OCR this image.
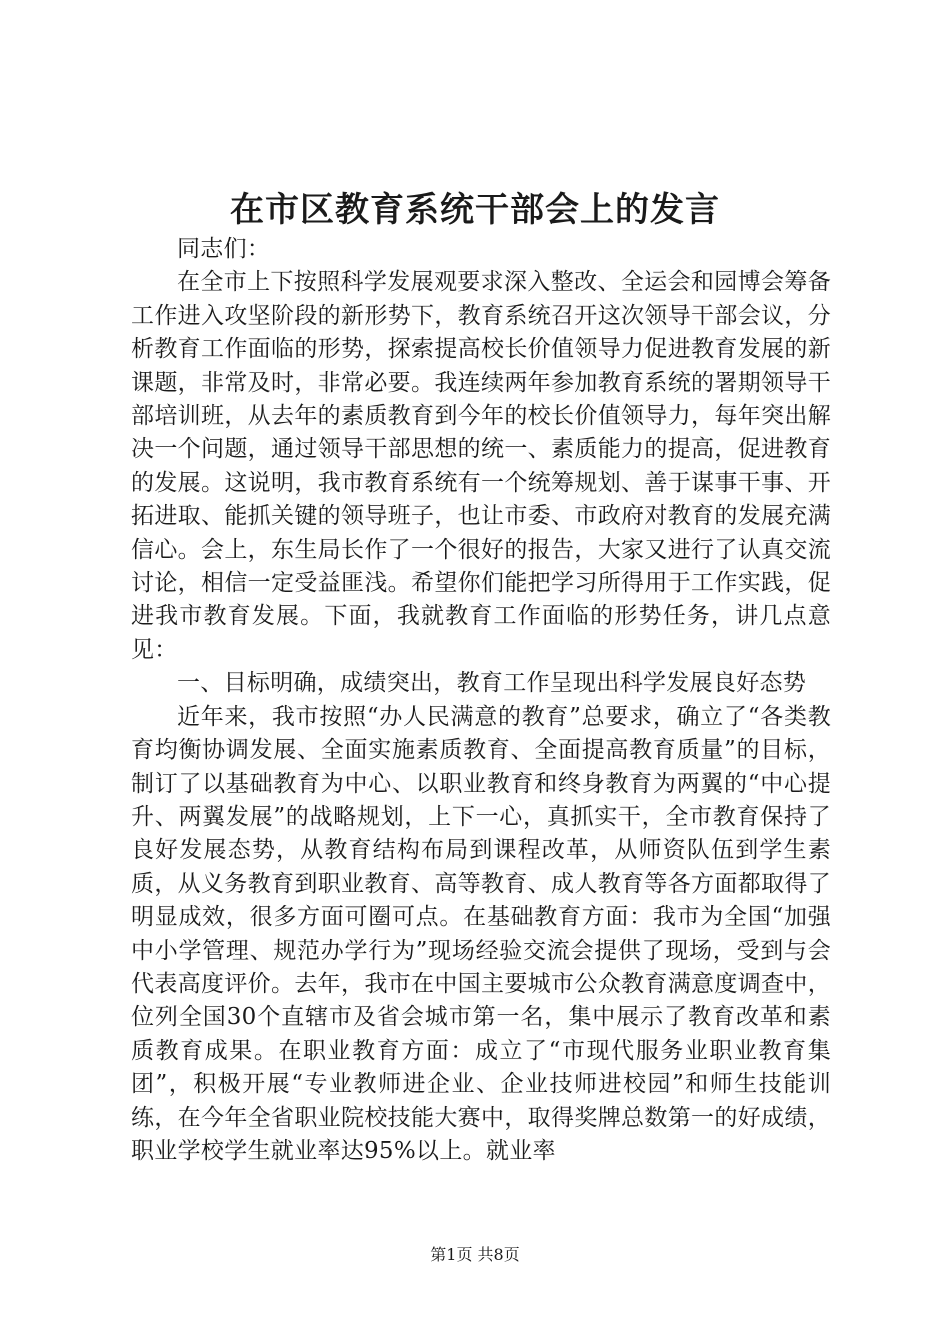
在市区教育系统干部会上的发言

同志们：

在全市上下按照科学发展观要求深入整改、全运会和园博会筹备工作进入攻坚阶段的新形势下，教育系统召开这次领导干部会议，分析教育工作面临的形势，探索提高校长价值领导力促进教育发展的新课题，非常及时，非常必要。我连续两年参加教育系统的署期领导干部培训班，从去年的素质教育到今年的校长价值领导力，每年突出解决一个问题，通过领导干部思想的统一、素质能力的提高，促进教育的发展。这说明，我市教育系统有一个统筹规划、善于谋事干事、开拓进取、能抓关键的领导班子，也让市委、市政府对教育的发展充满信心。会上，东生局长作了一个很好的报告，大家又进行了认真交流讨论，相信一定受益匪浅。希望你们能把学习所得用于工作实践，促进我市教育发展。下面，我就教育工作面临的形势任务，讲几点意见：

一、目标明确，成绩突出，教育工作呈现出科学发展良好态势

近年来，我市按照“办人民满意的教育”总要求，确立了“各类教育均衡协调发展、全面实施素质教育、全面提高教育质量”的目标，制订了以基础教育为中心、以职业教育和终身教育为两翼的“中心提升、两翼发展”的战略规划，上下一心，真抓实干，全市教育保持了良好发展态势，从教育结构布局到课程改革，从师资队伍到学生素质，从义务教育到职业教育、高等教育、成人教育等各方面都取得了明显成效，很多方面可圈可点。在基础教育方面：我市为全国“加强中小学管理、规范办学行为”现场经验交流会提供了现场，受到与会代表高度评价。去年，我市在中国主要城市公众教育满意度调查中，位列全国30个直辖市及省会城市第一名，集中展示了教育改革和素质教育成果。在职业教育方面：成立了“市现代服务业职业教育集团”，积极开展“专业教师进企业、企业技师进校园”和师生技能训练，在今年全省职业院校技能大赛中，取得奖牌总数第一的好成绩，职业学校学生就业率达95%以上。就业率

第1页 共8页
